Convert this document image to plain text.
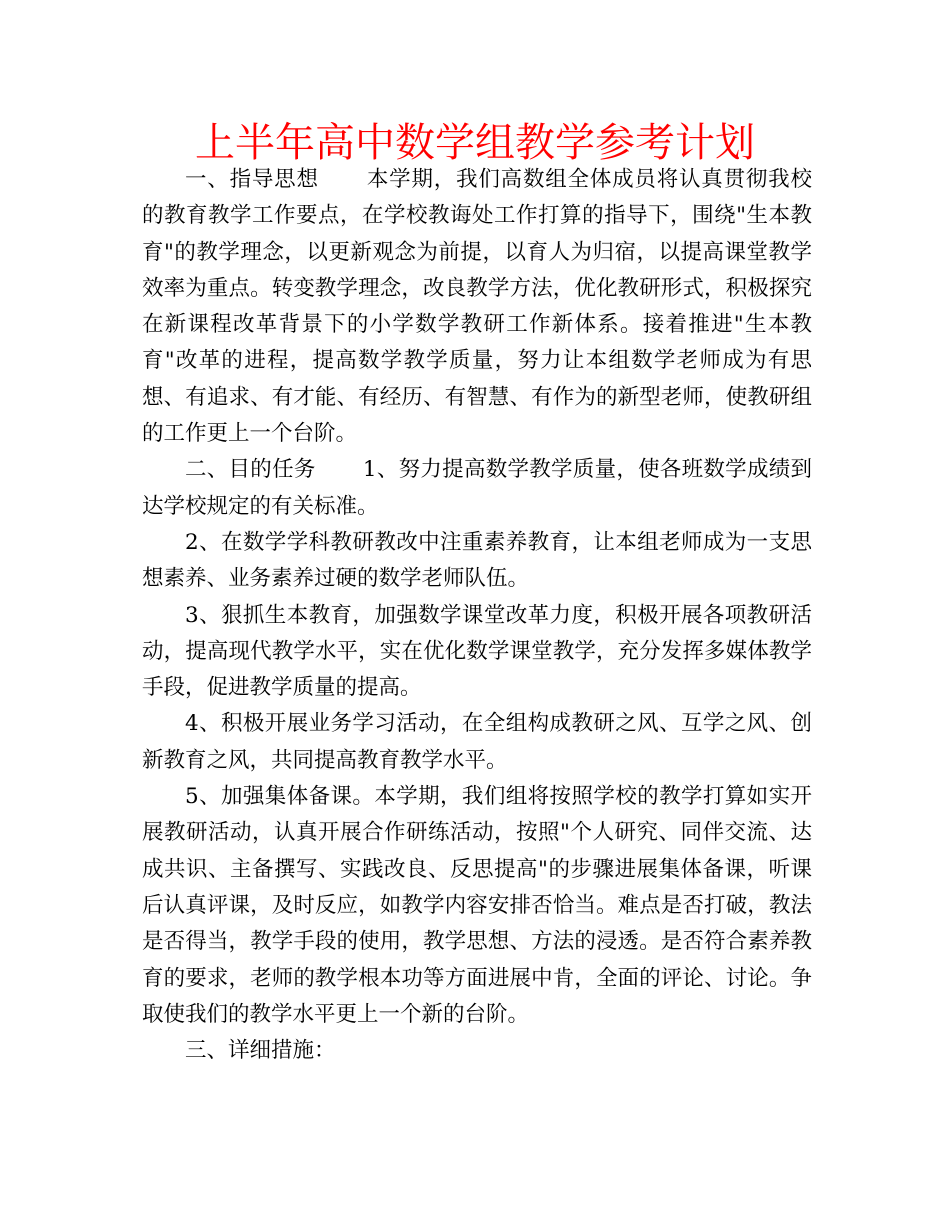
上半年高中数学组教学参考计划

一、指导思想 本学期，我们高数组全体成员将认真贯彻我校的教育教学工作要点，在学校教诲处工作打算的指导下，围绕"生本教育"的教学理念，以更新观念为前提，以育人为归宿，以提高课堂教学效率为重点。转变教学理念，改良教学方法，优化教研形式，积极探究在新课程改革背景下的小学数学教研工作新体系。接着推进"生本教育"改革的进程，提高数学教学质量，努力让本组数学老师成为有思想、有追求、有才能、有经历、有智慧、有作为的新型老师，使教研组的工作更上一个台阶。

二、目的任务 1、努力提高数学教学质量，使各班数学成绩到达学校规定的有关标准。

2、在数学学科教研教改中注重素养教育，让本组老师成为一支思想素养、业务素养过硬的数学老师队伍。

3、狠抓生本教育，加强数学课堂改革力度，积极开展各项教研活动，提高现代教学水平，实在优化数学课堂教学，充分发挥多媒体教学手段，促进教学质量的提高。

4、积极开展业务学习活动，在全组构成教研之风、互学之风、创新教育之风，共同提高教育教学水平。

5、加强集体备课。本学期，我们组将按照学校的教学打算如实开展教研活动，认真开展合作研练活动，按照"个人研究、同伴交流、达成共识、主备撰写、实践改良、反思提高"的步骤进展集体备课，听课后认真评课，及时反应，如教学内容安排否恰当。难点是否打破，教法是否得当，教学手段的使用，教学思想、方法的浸透。是否符合素养教育的要求，老师的教学根本功等方面进展中肯，全面的评论、讨论。争取使我们的教学水平更上一个新的台阶。

三、详细措施：
